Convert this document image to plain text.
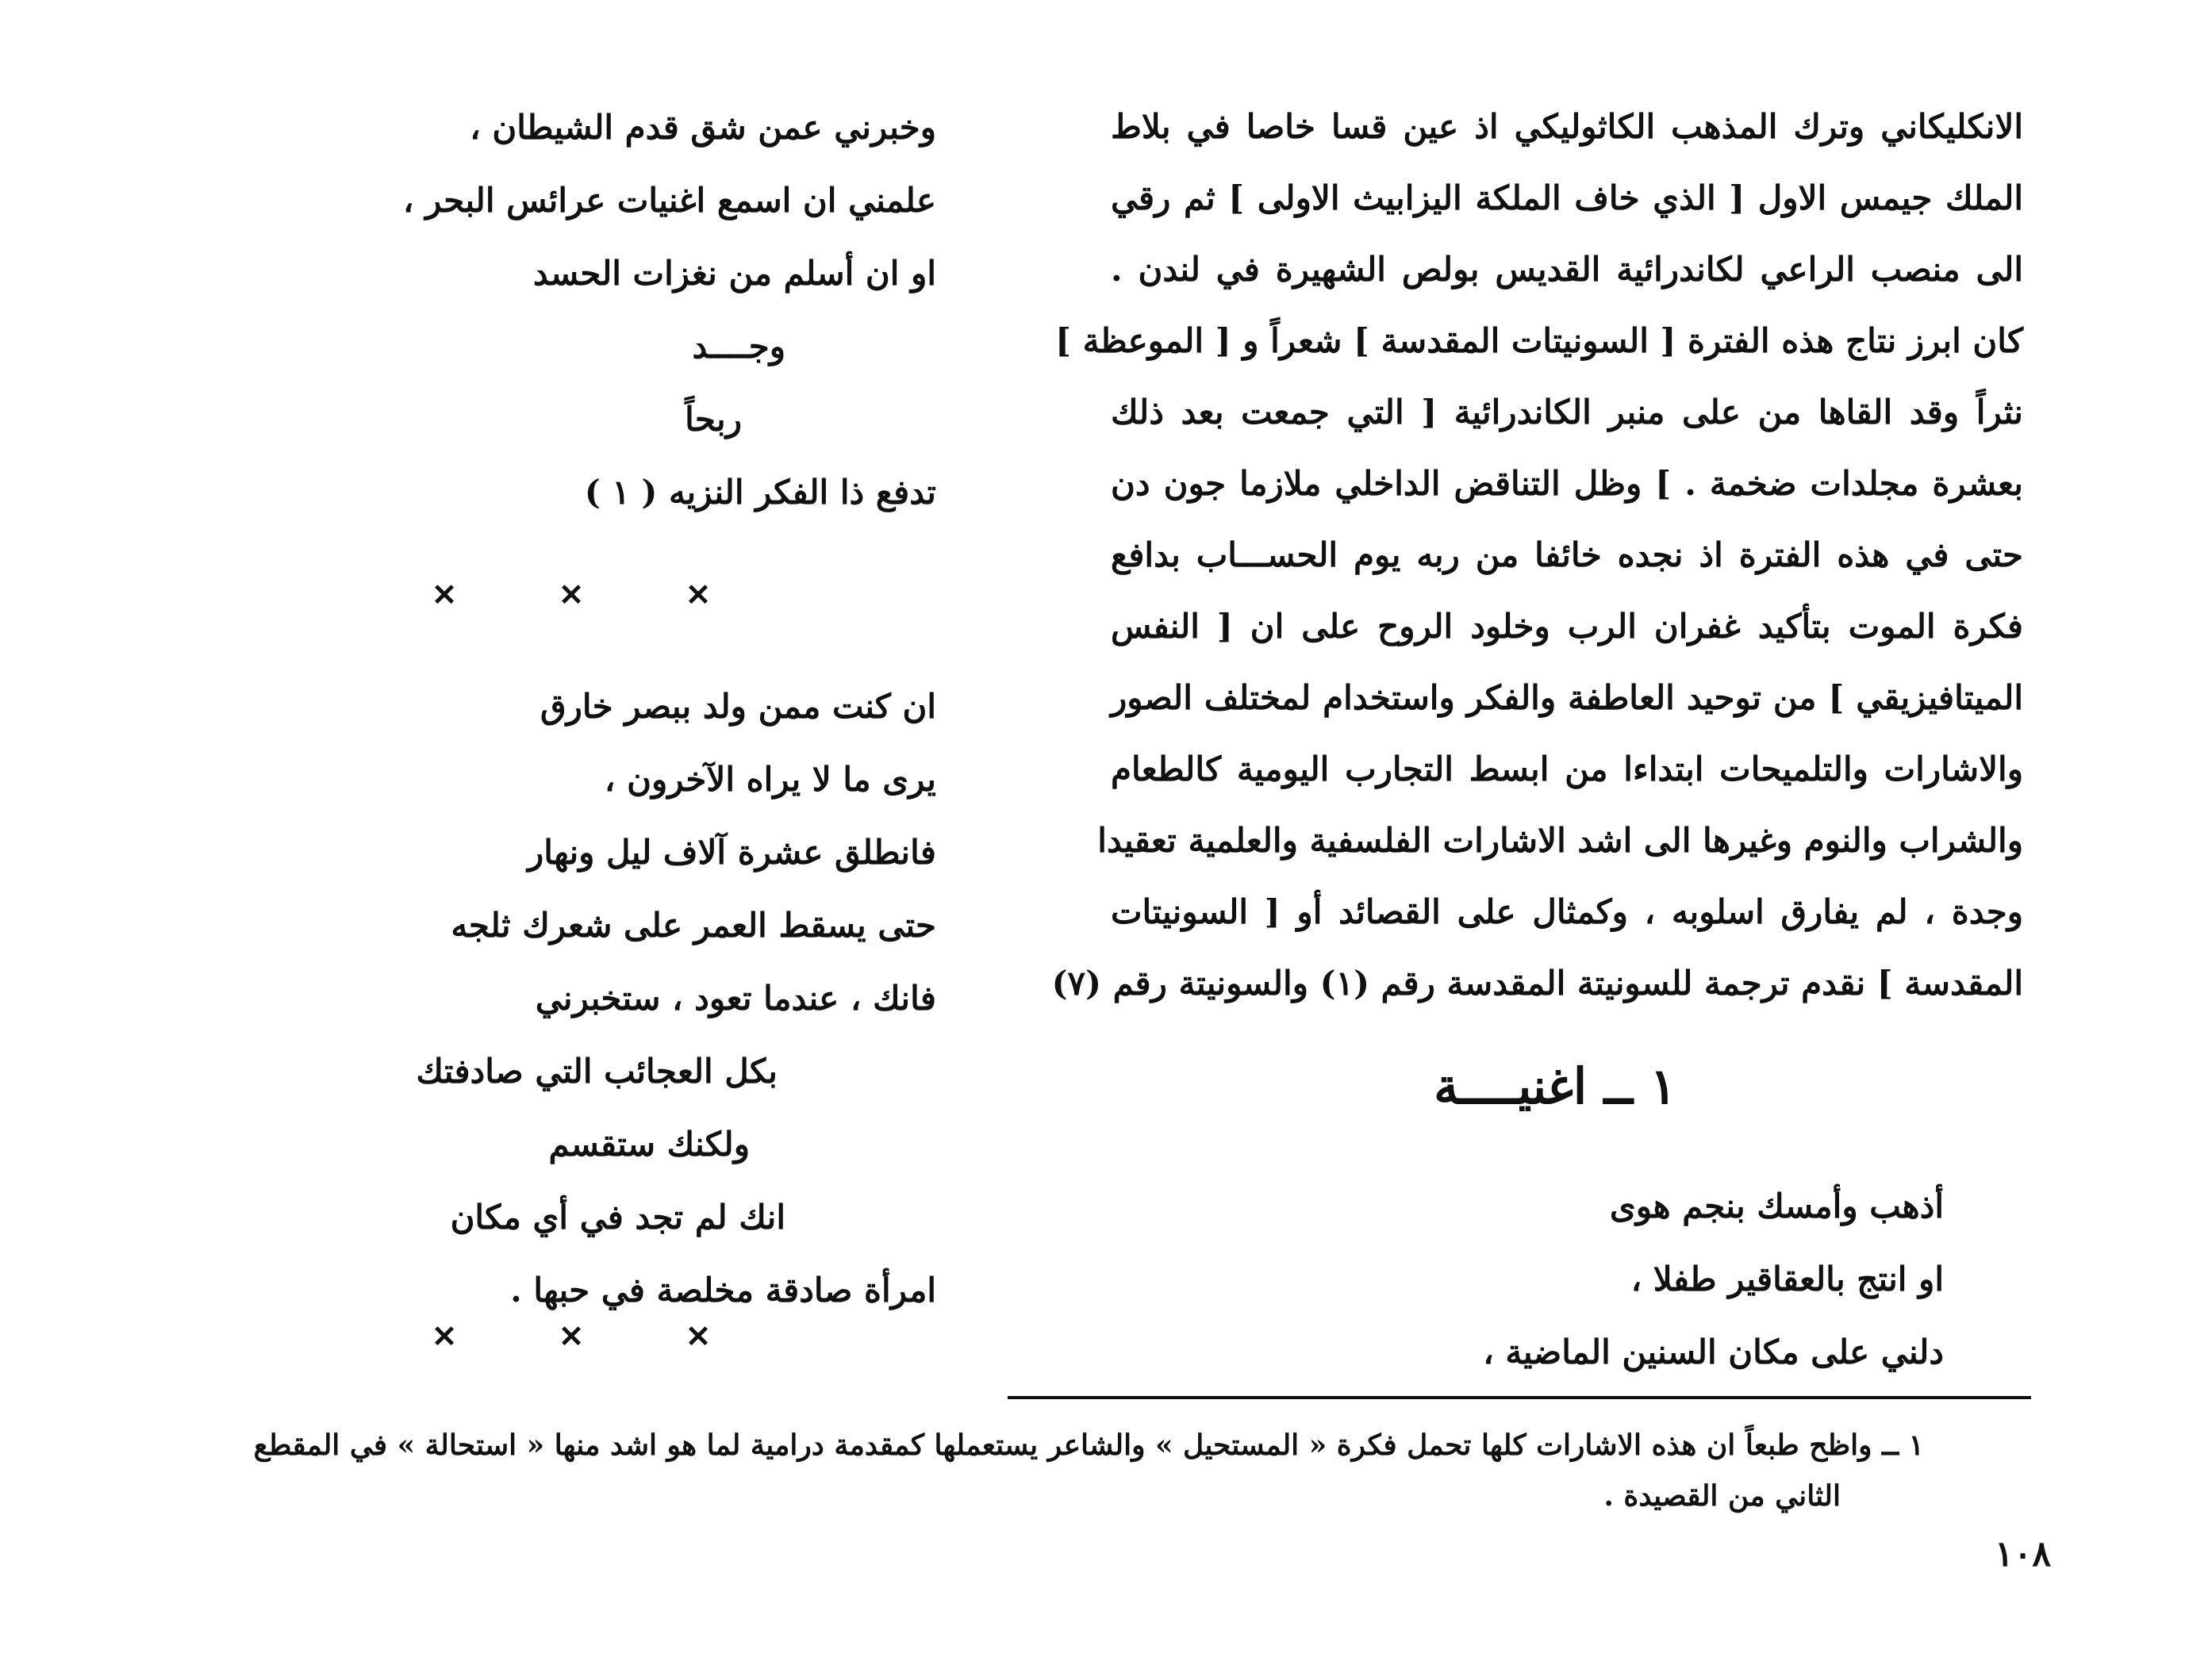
الانكليكاني وترك المذهب الكاثوليكي اذ عين قسا خاصا في بلاط
الملك جيمس الاول [ الذي خاف الملكة اليزابيث الاولى ] ثم رقي
الى منصب الراعي لكاندرائية القديس بولص الشهيرة في لندن .
كان ابرز نتاج هذه الفترة [ السونيتات المقدسة ] شعراً و [ الموعظة ]
نثراً وقد القاها من على منبر الكاندرائية [ التي جمعت بعد ذلك
بعشرة مجلدات ضخمة . ] وظل التناقض الداخلي ملازما جون دن
حتى في هذه الفترة اذ نجده خائفا من ربه يوم الحســـاب بدافع
فكرة الموت بتأكيد غفران الرب وخلود الروح على ان [ النفس
الميتافيزيقي ] من توحيد العاطفة والفكر واستخدام لمختلف الصور
والاشارات والتلميحات ابتداءا من ابسط التجارب اليومية كالطعام
والشراب والنوم وغيرها الى اشد الاشارات الفلسفية والعلمية تعقيدا
وجدة ، لم يفارق اسلوبه ، وكمثال على القصائد أو [ السونيتات
المقدسة ] نقدم ترجمة للسونيتة المقدسة رقم (١) والسونيتة رقم (٧)
١ ــ اغنيــــة
أذهب وأمسك بنجم هوى
او انتج بالعقاقير طفلا ،
دلني على مكان السنين الماضية ،
وخبرني عمن شق قدم الشيطان ،
علمني ان اسمع اغنيات عرائس البحر ،
او ان أسلم من نغزات الحسد
وجــــد
ربحاً
تدفع ذا الفكر النزيه ( ١ )
✕	✕	✕
ان كنت ممن ولد ببصر خارق
يرى ما لا يراه الآخرون ،
فانطلق عشرة آلاف ليل ونهار
حتى يسقط العمر على شعرك ثلجه
فانك ، عندما تعود ، ستخبرني
بكل العجائب التي صادفتك
ولكنك ستقسم
انك لم تجد في أي مكان
امرأة صادقة مخلصة في حبها .
✕	✕	✕
١ ــ واظح طبعاً ان هذه الاشارات كلها تحمل فكرة « المستحيل » والشاعر يستعملها كمقدمة درامية لما هو اشد منها « استحالة » في المقطع
الثاني من القصيدة .
١٠٨
